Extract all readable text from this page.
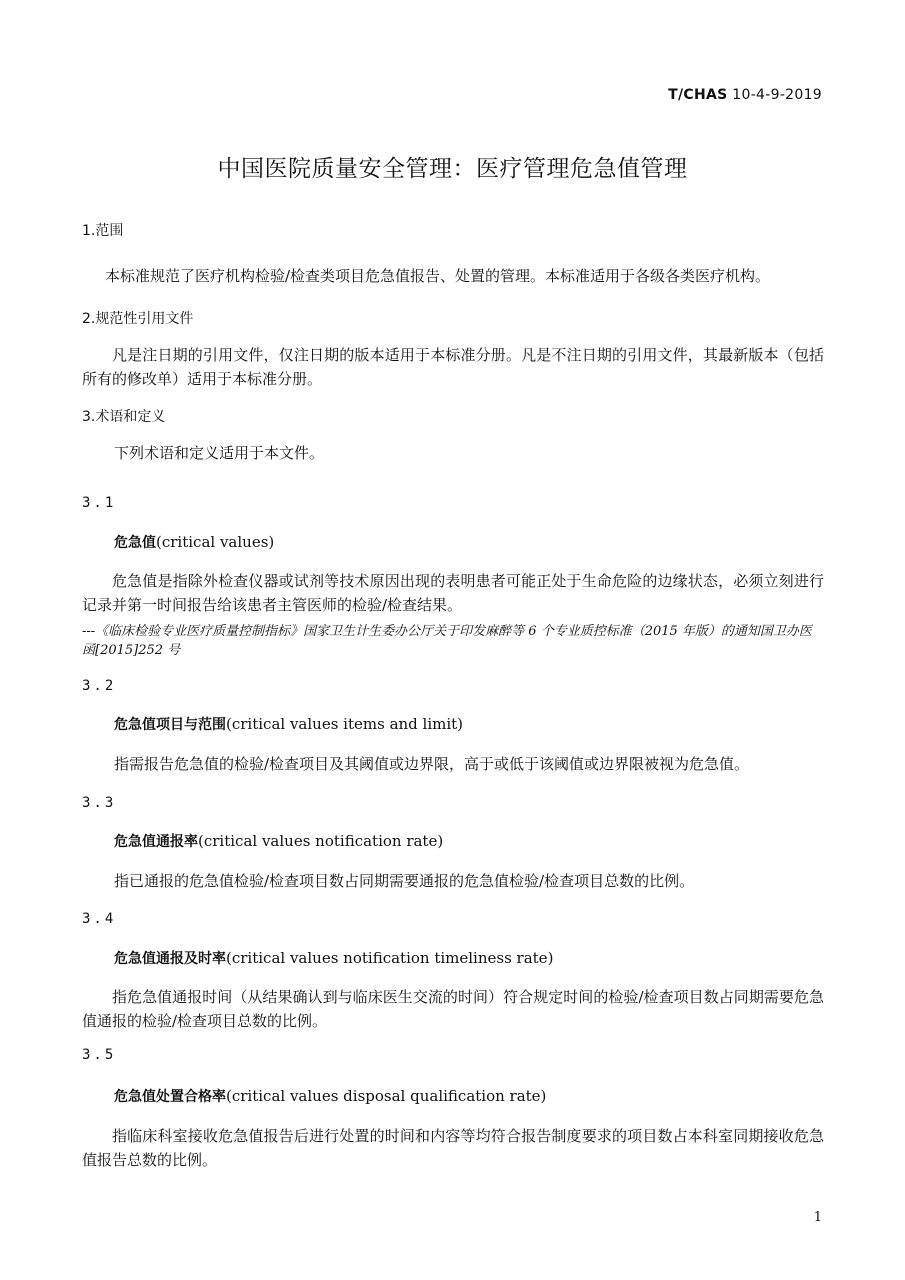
T/CHAS 10-4-9-2019
中国医院质量安全管理：医疗管理危急值管理
1.范围
本标准规范了医疗机构检验/检查类项目危急值报告、处置的管理。本标准适用于各级各类医疗机构。
2.规范性引用文件
凡是注日期的引用文件，仅注日期的版本适用于本标准分册。凡是不注日期的引用文件，其最新版本（包括所有的修改单）适用于本标准分册。
3.术语和定义
下列术语和定义适用于本文件。
3.1
危急值(critical values)
危急值是指除外检查仪器或试剂等技术原因出现的表明患者可能正处于生命危险的边缘状态，必须立刻进行记录并第一时间报告给该患者主管医师的检验/检查结果。
---《临床检验专业医疗质量控制指标》国家卫生计生委办公厅关于印发麻醉等 6 个专业质控标准（2015 年版）的通知国卫办医函[2015]252 号
3.2
危急值项目与范围(critical values items and limit)
指需报告危急值的检验/检查项目及其阈值或边界限，高于或低于该阈值或边界限被视为危急值。
3.3
危急值通报率(critical values notification rate)
指已通报的危急值检验/检查项目数占同期需要通报的危急值检验/检查项目总数的比例。
3.4
危急值通报及时率(critical values notification timeliness rate)
指危急值通报时间（从结果确认到与临床医生交流的时间）符合规定时间的检验/检查项目数占同期需要危急值通报的检验/检查项目总数的比例。
3.5
危急值处置合格率(critical values disposal qualification rate)
指临床科室接收危急值报告后进行处置的时间和内容等均符合报告制度要求的项目数占本科室同期接收危急值报告总数的比例。
1
